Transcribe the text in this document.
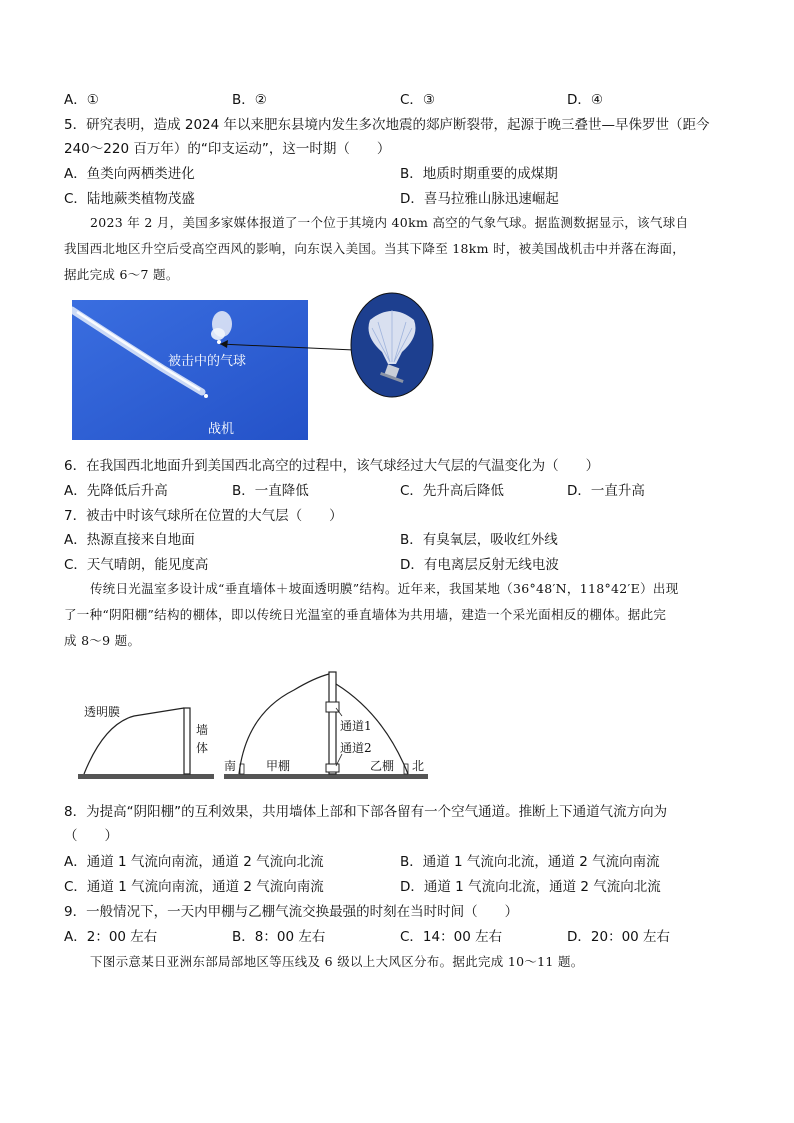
A．①	B．②	C．③	D．④
5．研究表明，造成 2024 年以来肥东县境内发生多次地震的郯庐断裂带，起源于晚三叠世—早侏罗世（距今
240～220 百万年）的“印支运动”，这一时期（　　）
A．鱼类向两栖类进化	B．地质时期重要的成煤期
C．陆地蕨类植物茂盛	D．喜马拉雅山脉迅速崛起
2023 年 2 月，美国多家媒体报道了一个位于其境内 40km 高空的气象气球。据监测数据显示，该气球自
我国西北地区升空后受高空西风的影响，向东误入美国。当其下降至 18km 时，被美国战机击中并落在海面，
据此完成 6～7 题。
被击中的气球
战机
6．在我国西北地面升到美国西北高空的过程中，该气球经过大气层的气温变化为（　　）
A．先降低后升高	B．一直降低	C．先升高后降低	D．一直升高
7．被击中时该气球所在位置的大气层（　　）
A．热源直接来自地面	B．有臭氧层，吸收红外线
C．天气晴朗，能见度高	D．有电离层反射无线电波
传统日光温室多设计成“垂直墙体＋坡面透明膜”结构。近年来，我国某地（36°48′N，118°42′E）出现
了一种“阴阳棚”结构的棚体，即以传统日光温室的垂直墙体为共用墙，建造一个采光面相反的棚体。据此完
成 8～9 题。
透明膜
墙
体
通道1
通道2
南 甲棚	乙棚 北
8．为提高“阴阳棚”的互利效果，共用墙体上部和下部各留有一个空气通道。推断上下通道气流方向为
（　　）
A．通道 1 气流向南流，通道 2 气流向北流	B．通道 1 气流向北流，通道 2 气流向南流
C．通道 1 气流向南流，通道 2 气流向南流	D．通道 1 气流向北流，通道 2 气流向北流
9．一般情况下，一天内甲棚与乙棚气流交换最强的时刻在当时时间（　　）
A．2：00 左右	B．8：00 左右	C．14：00 左右	D．20：00 左右
下图示意某日亚洲东部局部地区等压线及 6 级以上大风区分布。据此完成 10～11 题。
